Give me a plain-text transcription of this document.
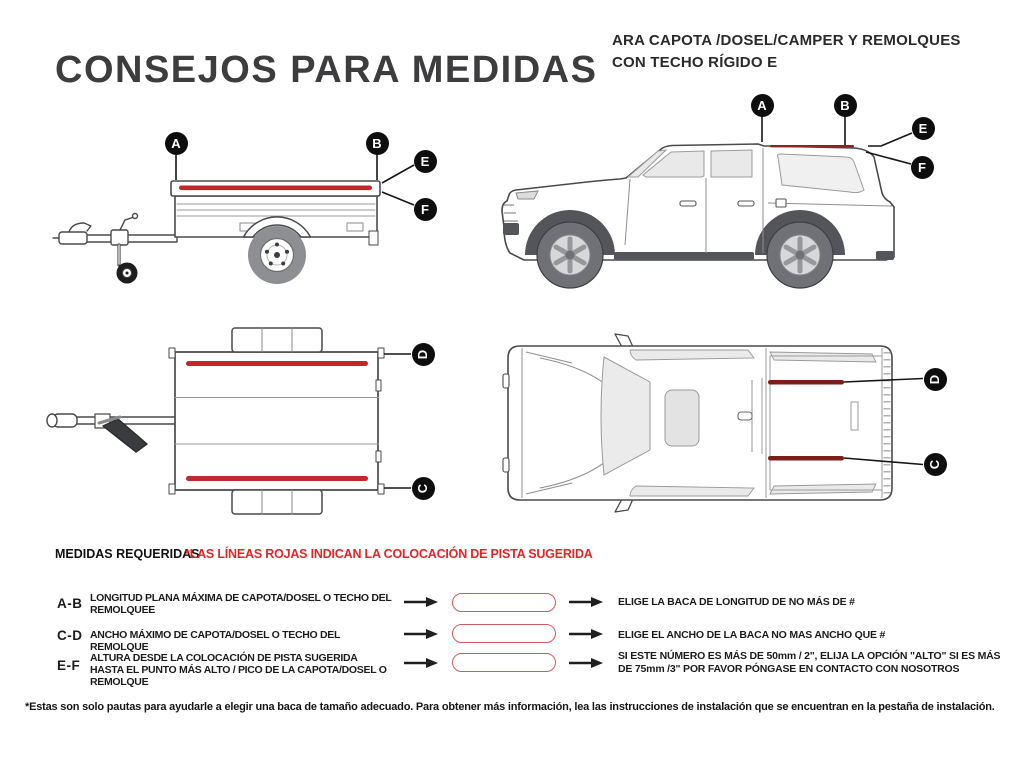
CONSEJOS PARA MEDIDAS
ARA CAPOTA /DOSEL/CAMPER Y REMOLQUES
CON TECHO RÍGIDO E
A	B
E
F
A	B
E
F
D
C
D
C
MEDIDAS REQUERIDAS
*LAS LÍNEAS ROJAS INDICAN LA COLOCACIÓN DE PISTA SUGERIDA
A-B LONGITUD PLANA MÁXIMA DE CAPOTA/DOSEL O TECHO DEL REMOLQUEE
ELIGE LA BACA DE LONGITUD DE NO MÁS DE #
C-D ANCHO MÁXIMO DE CAPOTA/DOSEL O TECHO DEL REMOLQUE
ELIGE EL ANCHO DE LA BACA NO MAS ANCHO QUE #
E-F ALTURA DESDE LA COLOCACIÓN DE PISTA SUGERIDA HASTA EL PUNTO MÁS ALTO / PICO DE LA CAPOTA/DOSEL O REMOLQUE
SI ESTE NÚMERO ES MÁS DE 50mm / 2", ELIJA LA OPCIÓN "ALTO" SI ES MÁS DE 75mm /3" POR FAVOR PÓNGASE EN CONTACTO CON NOSOTROS
*Estas son solo pautas para ayudarle a elegir una baca de tamaño adecuado. Para obtener más información, lea las instrucciones de instalación que se encuentran en la pestaña de instalación.
